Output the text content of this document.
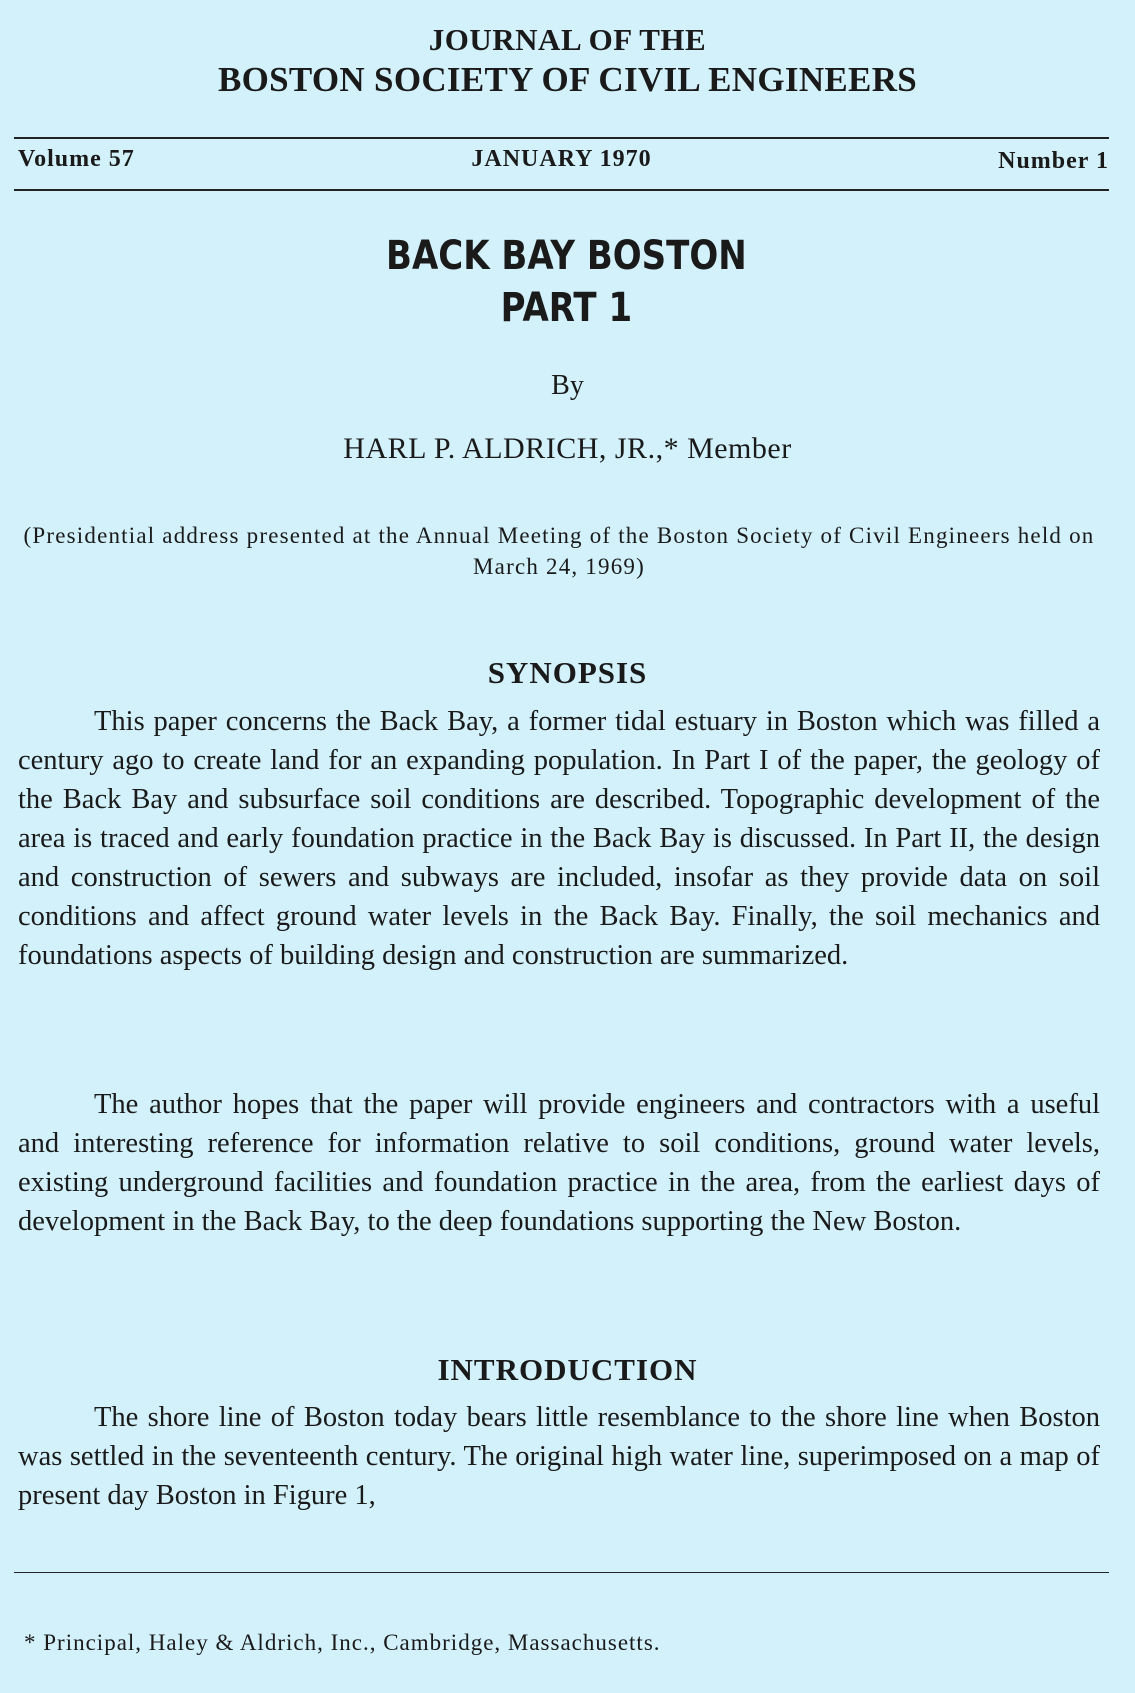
JOURNAL OF THE
BOSTON SOCIETY OF CIVIL ENGINEERS
Volume 57	JANUARY 1970	Number 1
BACK BAY BOSTON
PART 1
By
HARL P. ALDRICH, JR.,* Member
(Presidential address presented at the Annual Meeting of the Boston Society of Civil Engineers held on March 24, 1969)
SYNOPSIS

This paper concerns the Back Bay, a former tidal estuary in Boston which was filled a century ago to create land for an expanding population. In Part I of the paper, the geology of the Back Bay and subsurface soil conditions are described. Topographic development of the area is traced and early foundation practice in the Back Bay is discussed. In Part II, the design and construction of sewers and subways are included, insofar as they provide data on soil conditions and affect ground water levels in the Back Bay. Finally, the soil mechanics and foundations aspects of building design and construction are summarized.

The author hopes that the paper will provide engineers and contractors with a useful and interesting reference for information relative to soil conditions, ground water levels, existing underground facilities and foundation practice in the area, from the earliest days of development in the Back Bay, to the deep foundations supporting the New Boston.

INTRODUCTION

The shore line of Boston today bears little resemblance to the shore line when Boston was settled in the seventeenth century. The original high water line, superimposed on a map of present day Boston in Figure 1,

* Principal, Haley & Aldrich, Inc., Cambridge, Massachusetts.
